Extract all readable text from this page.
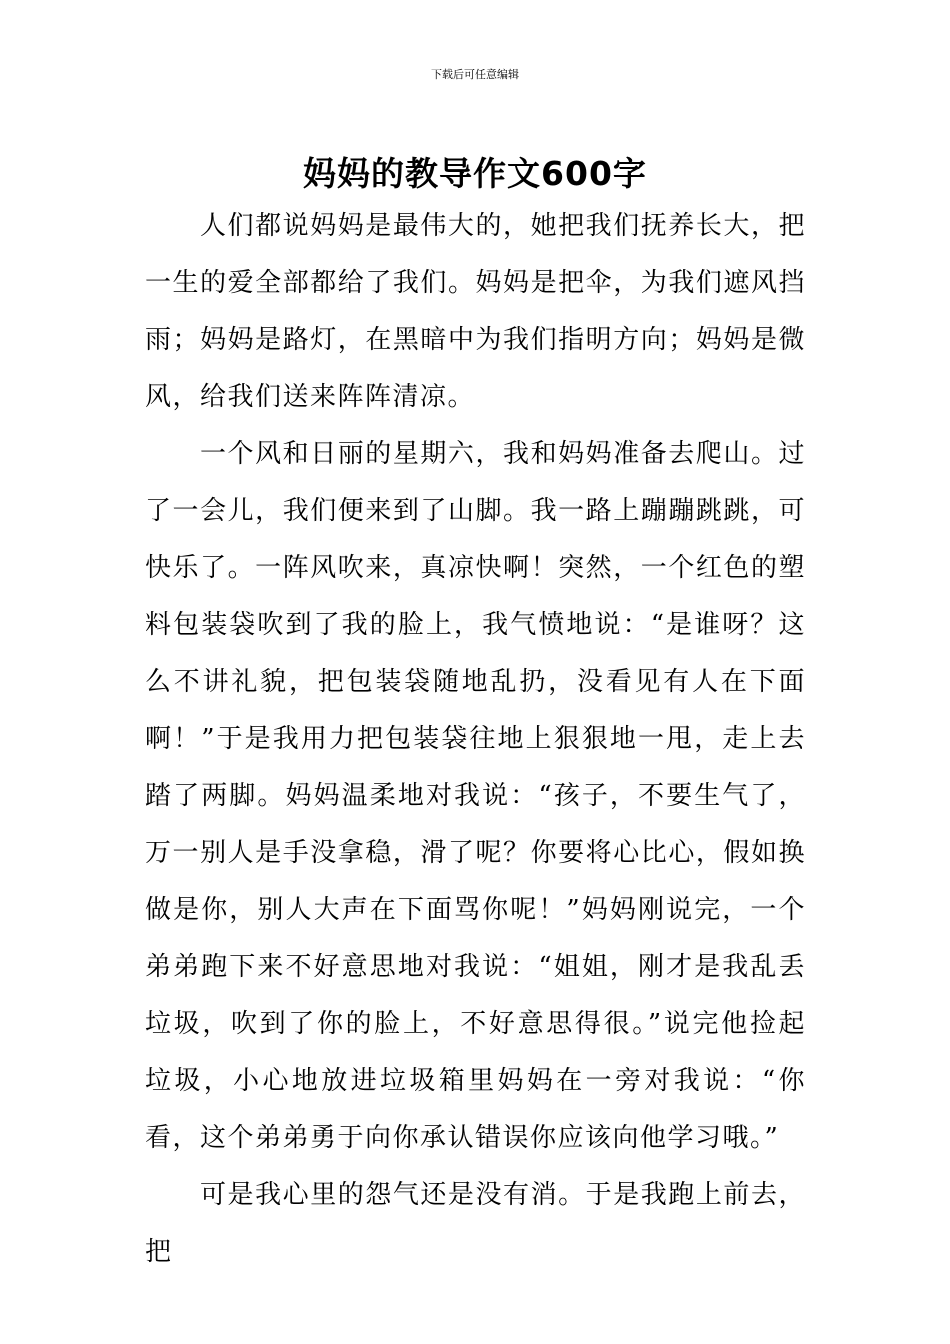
下载后可任意编辑
妈妈的教导作文600字

人们都说妈妈是最伟大的，她把我们抚养长大，把一生的爱全部都给了我们。妈妈是把伞，为我们遮风挡雨；妈妈是路灯，在黑暗中为我们指明方向；妈妈是微风，给我们送来阵阵清凉。

一个风和日丽的星期六，我和妈妈准备去爬山。过了一会儿，我们便来到了山脚。我一路上蹦蹦跳跳，可快乐了。一阵风吹来，真凉快啊！突然，一个红色的塑料包装袋吹到了我的脸上，我气愤地说：“是谁呀？这么不讲礼貌，把包装袋随地乱扔，没看见有人在下面啊！”于是我用力把包装袋往地上狠狠地一甩，走上去踏了两脚。妈妈温柔地对我说：“孩子，不要生气了，万一别人是手没拿稳，滑了呢？你要将心比心，假如换做是你，别人大声在下面骂你呢！”妈妈刚说完，一个弟弟跑下来不好意思地对我说：“姐姐，刚才是我乱丢垃圾，吹到了你的脸上，不好意思得很。”说完他捡起垃圾，小心地放进垃圾箱里妈妈在一旁对我说：“你看，这个弟弟勇于向你承认错误你应该向他学习哦。”

可是我心里的怨气还是没有消。于是我跑上前去，把
